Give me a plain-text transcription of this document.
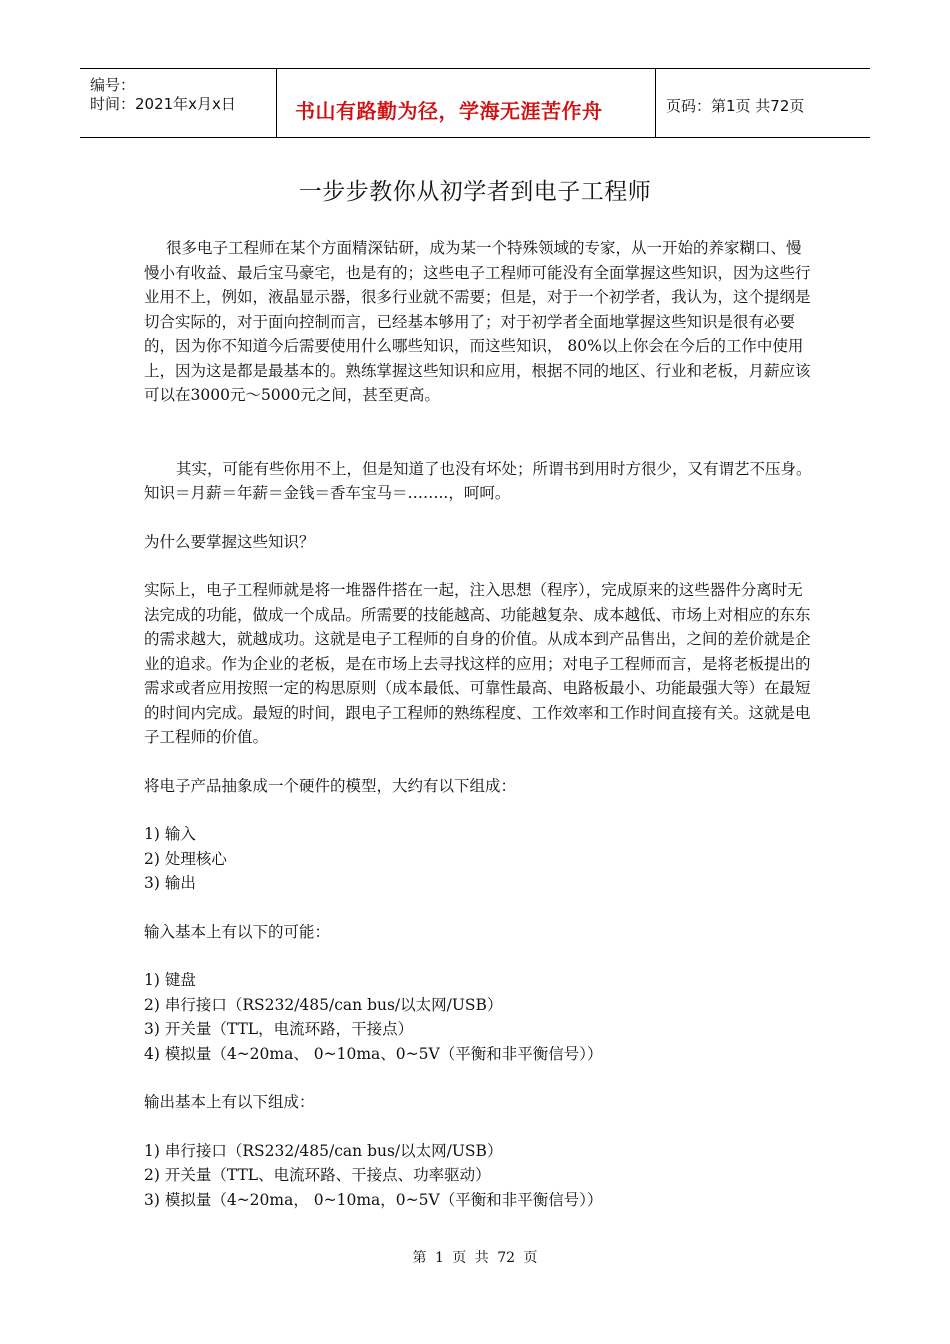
编号：
时间：2021年x月x日	书山有路勤为径，学海无涯苦作舟	页码：第1页 共72页
一步步教你从初学者到电子工程师

很多电子工程师在某个方面精深钻研，成为某一个特殊领域的专家，从一开始的养家糊口、慢慢小有收益、最后宝马豪宅，也是有的；这些电子工程师可能没有全面掌握这些知识，因为这些行业用不上，例如，液晶显示器，很多行业就不需要；但是，对于一个初学者，我认为，这个提纲是切合实际的，对于面向控制而言，已经基本够用了；对于初学者全面地掌握这些知识是很有必要的，因为你不知道今后需要使用什么哪些知识，而这些知识， 80%以上你会在今后的工作中使用上，因为这是都是最基本的。熟练掌握这些知识和应用，根据不同的地区、行业和老板，月薪应该可以在3000元～5000元之间，甚至更高。

其实，可能有些你用不上，但是知道了也没有坏处；所谓书到用时方很少，又有谓艺不压身。知识＝月薪＝年薪＝金钱＝香车宝马＝……..，呵呵。

为什么要掌握这些知识？

实际上，电子工程师就是将一堆器件搭在一起，注入思想（程序），完成原来的这些器件分离时无法完成的功能，做成一个成品。所需要的技能越高、功能越复杂、成本越低、市场上对相应的东东的需求越大，就越成功。这就是电子工程师的自身的价值。从成本到产品售出，之间的差价就是企业的追求。作为企业的老板，是在市场上去寻找这样的应用；对电子工程师而言，是将老板提出的需求或者应用按照一定的构思原则（成本最低、可靠性最高、电路板最小、功能最强大等）在最短的时间内完成。最短的时间，跟电子工程师的熟练程度、工作效率和工作时间直接有关。这就是电子工程师的价值。

将电子产品抽象成一个硬件的模型，大约有以下组成：

1) 输入

2) 处理核心

3) 输出

输入基本上有以下的可能：

1) 键盘

2) 串行接口（RS232/485/can bus/以太网/USB）

3) 开关量（TTL，电流环路，干接点）

4) 模拟量（4~20ma、 0~10ma、0~5V（平衡和非平衡信号））

输出基本上有以下组成：

1) 串行接口（RS232/485/can bus/以太网/USB）

2) 开关量（TTL、电流环路、干接点、功率驱动）

3) 模拟量（4~20ma， 0~10ma，0~5V（平衡和非平衡信号））

第 1 页 共 72 页
